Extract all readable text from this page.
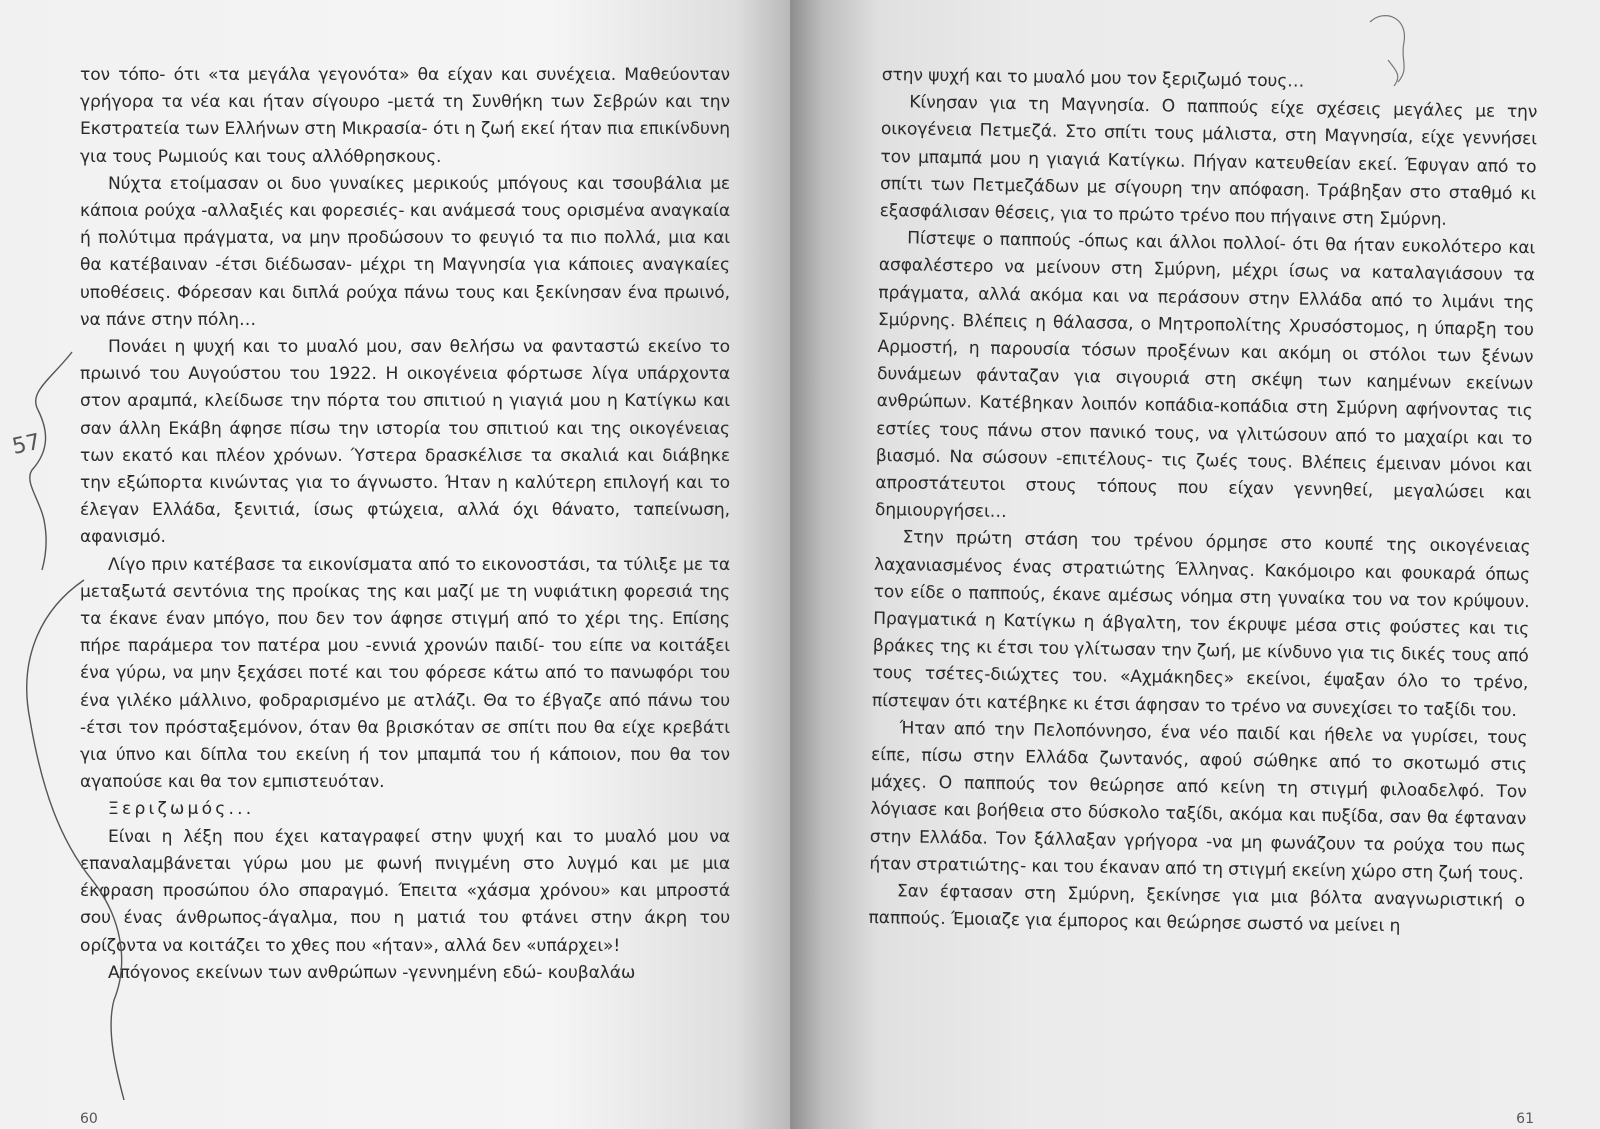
τον τόπο- ότι «τα μεγάλα γεγονότα» θα είχαν και συνέχεια. Μαθεύονταν γρήγορα τα νέα και ήταν σίγουρο -μετά τη Συνθήκη των Σεβρών και την Εκστρατεία των Ελλήνων στη Μικρασία- ότι η ζωή εκεί ήταν πια επικίνδυνη για τους Ρωμιούς και τους αλλόθρησκους.

Νύχτα ετοίμασαν οι δυο γυναίκες μερικούς μπόγους και τσουβάλια με κάποια ρούχα -αλλαξιές και φορεσιές- και ανάμεσά τους ορισμένα αναγκαία ή πολύτιμα πράγματα, να μην προδώσουν το φευγιό τα πιο πολλά, μια και θα κατέβαιναν -έτσι διέδωσαν- μέχρι τη Μαγνησία για κάποιες αναγκαίες υποθέσεις. Φόρεσαν και διπλά ρούχα πάνω τους και ξεκίνησαν ένα πρωινό, να πάνε στην πόλη…

Πονάει η ψυχή και το μυαλό μου, σαν θελήσω να φανταστώ εκείνο το πρωινό του Αυγούστου του 1922. Η οικογένεια φόρτωσε λίγα υπάρχοντα στον αραμπά, κλείδωσε την πόρτα του σπιτιού η γιαγιά μου η Κατίγκω και σαν άλλη Εκάβη άφησε πίσω την ιστορία του σπιτιού και της οικογένειας των εκατό και πλέον χρόνων. Ύστερα δρασκέλισε τα σκαλιά και διάβηκε την εξώπορτα κινώντας για το άγνωστο. Ήταν η καλύτερη επιλογή και το έλεγαν Ελλάδα, ξενιτιά, ίσως φτώχεια, αλλά όχι θάνατο, ταπείνωση, αφανισμό.

Λίγο πριν κατέβασε τα εικονίσματα από το εικονοστάσι, τα τύλιξε με τα μεταξωτά σεντόνια της προίκας της και μαζί με τη νυφιάτικη φορεσιά της τα έκανε έναν μπόγο, που δεν τον άφησε στιγμή από το χέρι της. Επίσης πήρε παράμερα τον πατέρα μου -εννιά χρονών παιδί- του είπε να κοιτάξει ένα γύρω, να μην ξεχάσει ποτέ και του φόρεσε κάτω από το πανωφόρι του ένα γιλέκο μάλλινο, φοδραρισμένο με ατλάζι. Θα το έβγαζε από πάνω του -έτσι τον πρόσταξεμόνον, όταν θα βρισκόταν σε σπίτι που θα είχε κρεβάτι για ύπνο και δίπλα του εκείνη ή τον μπαμπά του ή κάποιον, που θα τον αγαπούσε και θα τον εμπιστευόταν.

Ξεριζωμός...

Είναι η λέξη που έχει καταγραφεί στην ψυχή και το μυαλό μου να επαναλαμβάνεται γύρω μου με φωνή πνιγμένη στο λυγμό και με μια έκφραση προσώπου όλο σπαραγμό. Έπειτα «χάσμα χρόνου» και μπροστά σου ένας άνθρωπος-άγαλμα, που η ματιά του φτάνει στην άκρη του ορίζοντα να κοιτάζει το χθες που «ήταν», αλλά δεν «υπάρχει»!

Απόγονος εκείνων των ανθρώπων -γεννημένη εδώ- κουβαλάω

60

στην ψυχή και το μυαλό μου τον ξεριζωμό τους…

Κίνησαν για τη Μαγνησία. Ο παππούς είχε σχέσεις μεγάλες με την οικογένεια Πετμεζά. Στο σπίτι τους μάλιστα, στη Μαγνησία, είχε γεννήσει τον μπαμπά μου η γιαγιά Κατίγκω. Πήγαν κατευθείαν εκεί. Έφυγαν από το σπίτι των Πετμεζάδων με σίγουρη την απόφαση. Τράβηξαν στο σταθμό κι εξασφάλισαν θέσεις, για το πρώτο τρένο που πήγαινε στη Σμύρνη.

Πίστεψε ο παππούς -όπως και άλλοι πολλοί- ότι θα ήταν ευκολότερο και ασφαλέστερο να μείνουν στη Σμύρνη, μέχρι ίσως να καταλαγιάσουν τα πράγματα, αλλά ακόμα και να περάσουν στην Ελλάδα από το λιμάνι της Σμύρνης. Βλέπεις η θάλασσα, ο Μητροπολίτης Χρυσόστομος, η ύπαρξη του Αρμοστή, η παρουσία τόσων προξένων και ακόμη οι στόλοι των ξένων δυνάμεων φάνταζαν για σιγουριά στη σκέψη των καημένων εκείνων ανθρώπων. Κατέβηκαν λοιπόν κοπάδια-κοπάδια στη Σμύρνη αφήνοντας τις εστίες τους πάνω στον πανικό τους, να γλιτώσουν από το μαχαίρι και το βιασμό. Να σώσουν -επιτέλους- τις ζωές τους. Βλέπεις έμειναν μόνοι και απροστάτευτοι στους τόπους που είχαν γεννηθεί, μεγαλώσει και δημιουργήσει…

Στην πρώτη στάση του τρένου όρμησε στο κουπέ της οικογένειας λαχανιασμένος ένας στρατιώτης Έλληνας. Κακόμοιρο και φουκαρά όπως τον είδε ο παππούς, έκανε αμέσως νόημα στη γυναίκα του να τον κρύψουν. Πραγματικά η Κατίγκω η άβγαλτη, τον έκρυψε μέσα στις φούστες και τις βράκες της κι έτσι του γλίτωσαν την ζωή, με κίνδυνο για τις δικές τους από τους τσέτες-διώχτες του. «Αχμάκηδες» εκείνοι, έψαξαν όλο το τρένο, πίστεψαν ότι κατέβηκε κι έτσι άφησαν το τρένο να συνεχίσει το ταξίδι του.

Ήταν από την Πελοπόννησο, ένα νέο παιδί και ήθελε να γυρίσει, τους είπε, πίσω στην Ελλάδα ζωντανός, αφού σώθηκε από το σκοτωμό στις μάχες. Ο παππούς τον θεώρησε από κείνη τη στιγμή φιλοαδελφό. Τον λόγιασε και βοήθεια στο δύσκολο ταξίδι, ακόμα και πυξίδα, σαν θα έφταναν στην Ελλάδα. Τον ξάλλαξαν γρήγορα -να μη φωνάζουν τα ρούχα του πως ήταν στρατιώτης- και του έκαναν από τη στιγμή εκείνη χώρο στη ζωή τους.

Σαν έφτασαν στη Σμύρνη, ξεκίνησε για μια βόλτα αναγνωριστική ο παππούς. Έμοιαζε για έμπορος και θεώρησε σωστό να μείνει η

61
57
